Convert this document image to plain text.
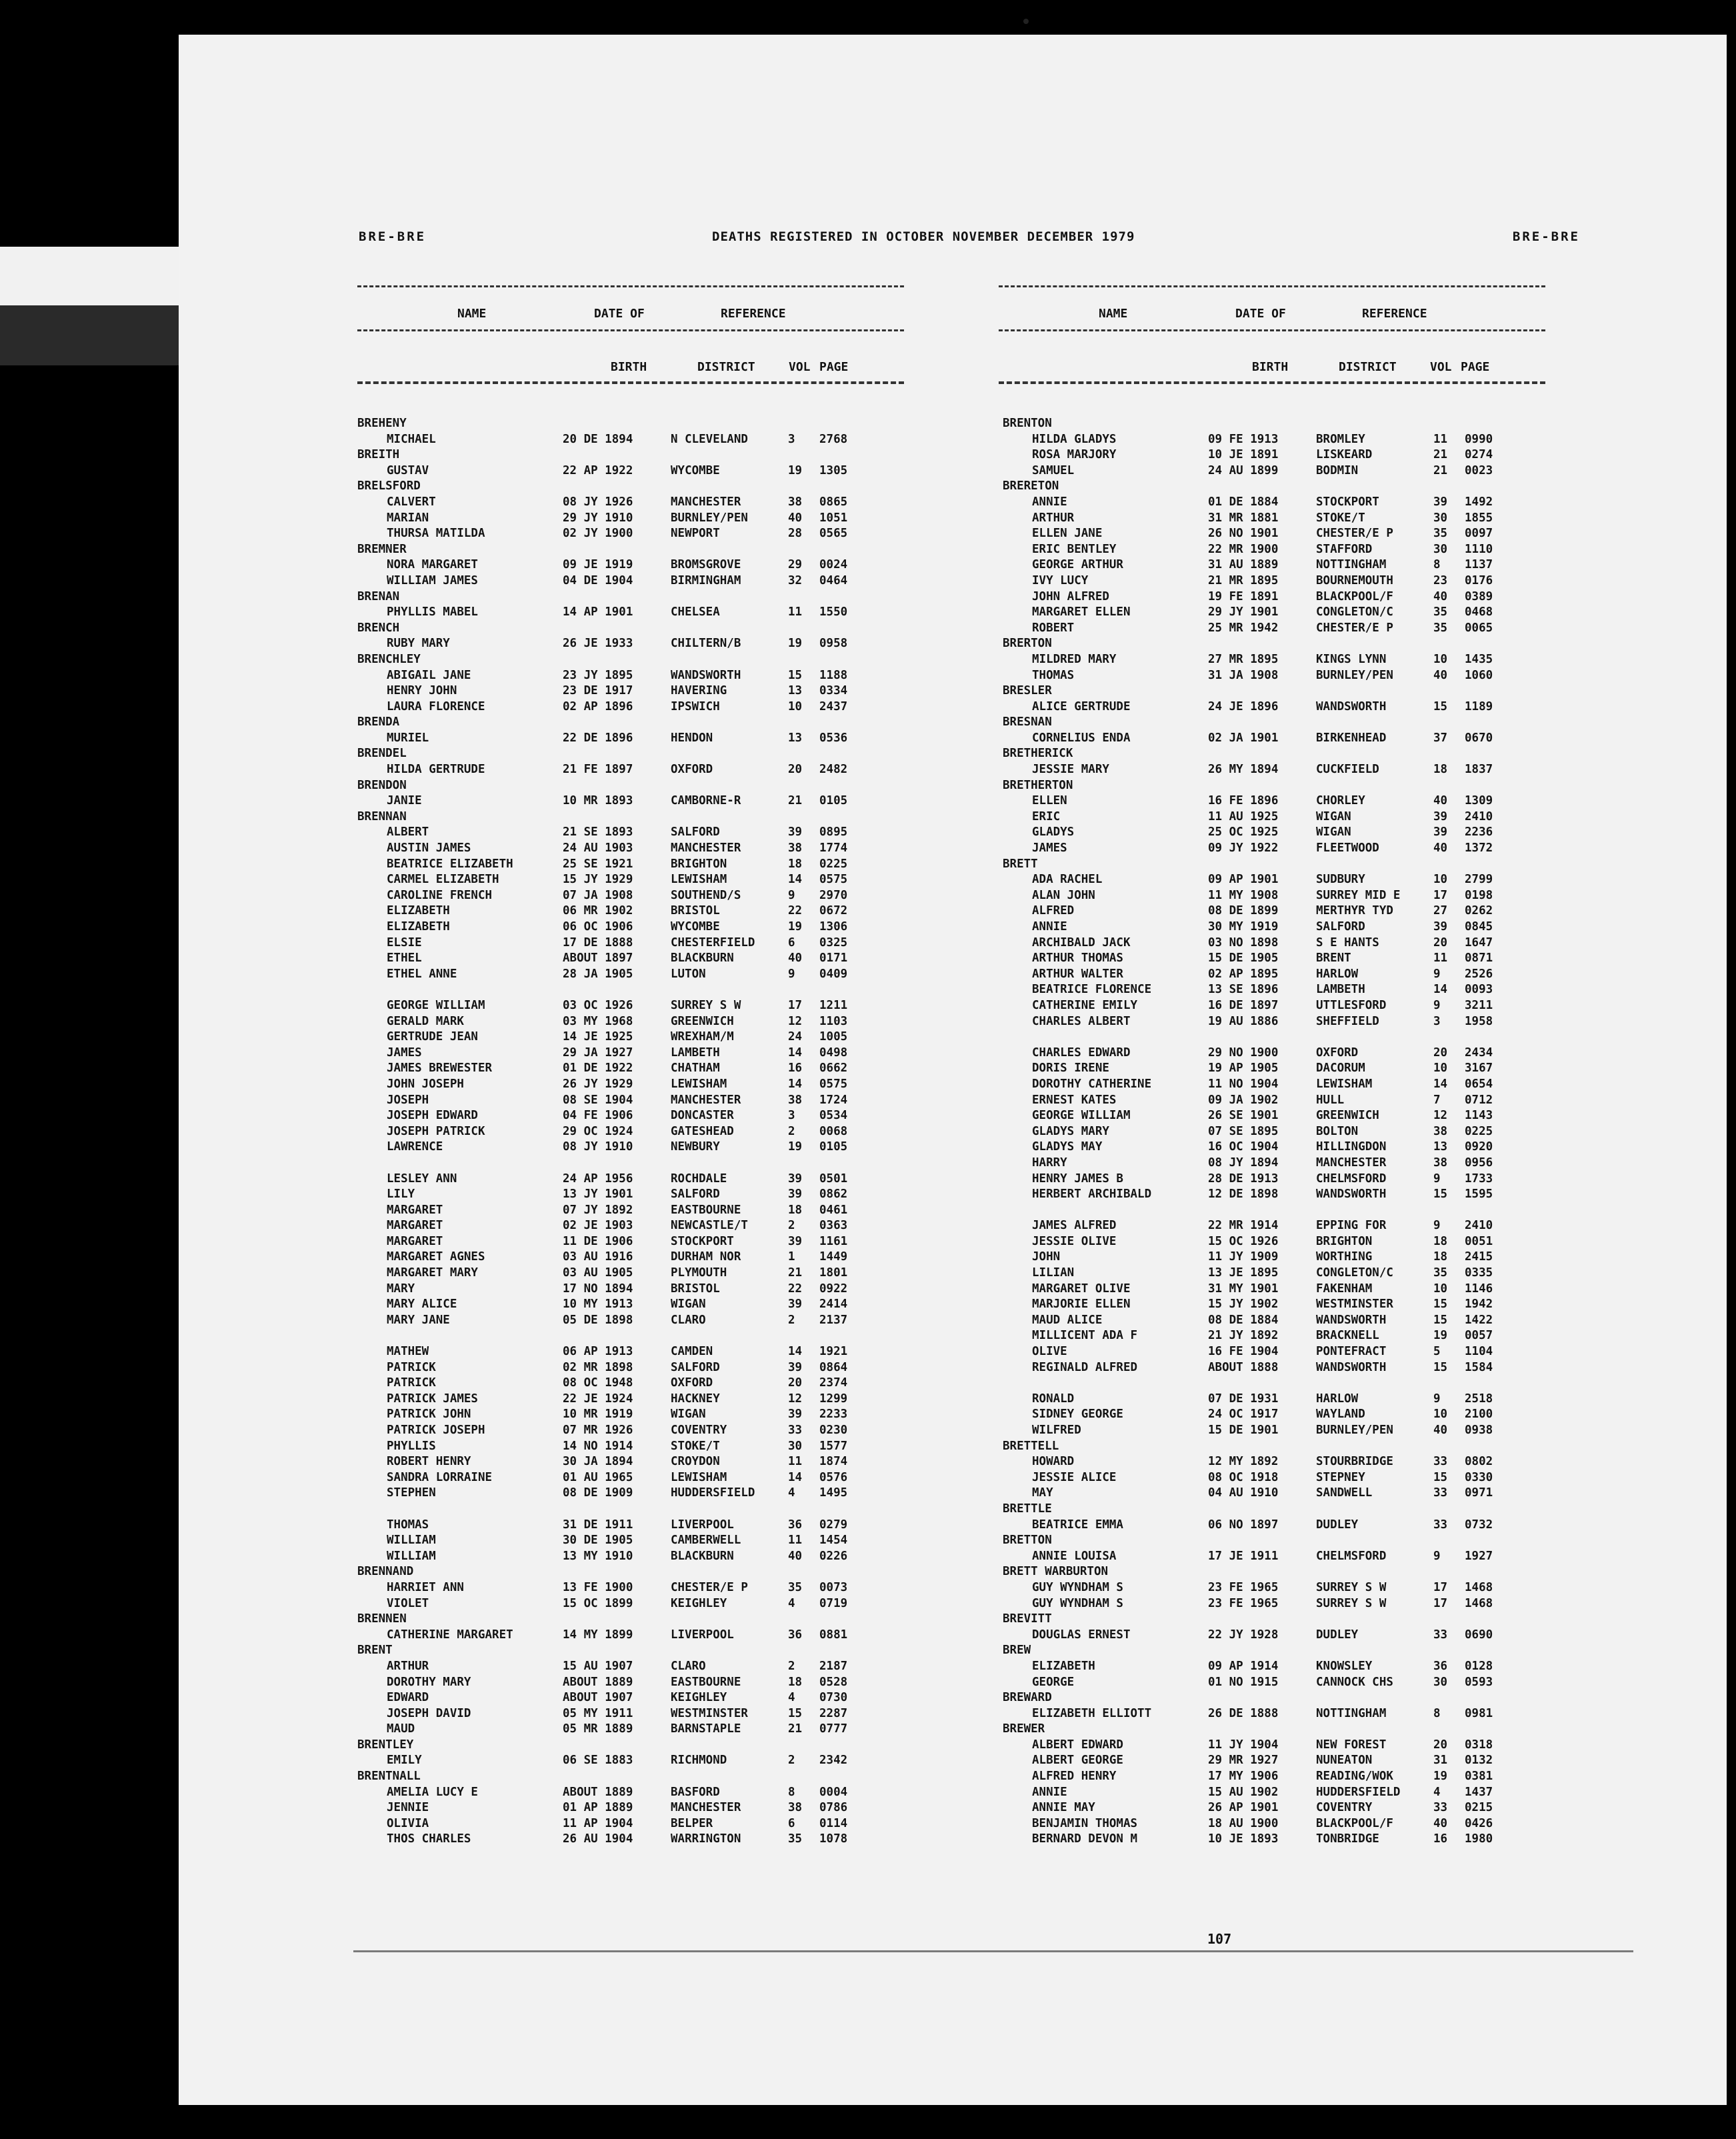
BRE-BRE	DEATHS REGISTERED IN OCTOBER NOVEMBER DECEMBER 1979	BRE-BRE
NAME	DATE OF	REFERENCE
BIRTH	DISTRICT	VOL PAGE
NAME	DATE OF	REFERENCE
BIRTH	DISTRICT	VOL PAGE
BREHENY
MICHAEL	20 DE 1894	N CLEVELAND	3 2768
BREITH
GUSTAV	22 AP 1922	WYCOMBE	19 1305
BRELSFORD
CALVERT	08 JY 1926	MANCHESTER	38 0865
MARIAN	29 JY 1910	BURNLEY/PEN	40 1051
THURSA MATILDA	02 JY 1900	NEWPORT	28 0565
BREMNER
NORA MARGARET	09 JE 1919	BROMSGROVE	29 0024
WILLIAM JAMES	04 DE 1904	BIRMINGHAM	32 0464
BRENAN
PHYLLIS MABEL	14 AP 1901	CHELSEA	11 1550
BRENCH
RUBY MARY	26 JE 1933	CHILTERN/B	19 0958
BRENCHLEY
ABIGAIL JANE	23 JY 1895	WANDSWORTH	15 1188
HENRY JOHN	23 DE 1917	HAVERING	13 0334
LAURA FLORENCE	02 AP 1896	IPSWICH	10 2437
BRENDA
MURIEL	22 DE 1896	HENDON	13 0536
BRENDEL
HILDA GERTRUDE	21 FE 1897	OXFORD	20 2482
BRENDON
JANIE	10 MR 1893	CAMBORNE-R	21 0105
BRENNAN
ALBERT	21 SE 1893	SALFORD	39 0895
AUSTIN JAMES	24 AU 1903	MANCHESTER	38 1774
BEATRICE ELIZABETH	25 SE 1921	BRIGHTON	18 0225
CARMEL ELIZABETH	15 JY 1929	LEWISHAM	14 0575
CAROLINE FRENCH	07 JA 1908	SOUTHEND/S	9 2970
ELIZABETH	06 MR 1902	BRISTOL	22 0672
ELIZABETH	06 OC 1906	WYCOMBE	19 1306
ELSIE	17 DE 1888	CHESTERFIELD	6 0325
ETHEL	ABOUT 1897	BLACKBURN	40 0171
ETHEL ANNE	28 JA 1905	LUTON	9 0409
GEORGE WILLIAM	03 OC 1926	SURREY S W	17 1211
GERALD MARK	03 MY 1968	GREENWICH	12 1103
GERTRUDE JEAN	14 JE 1925	WREXHAM/M	24 1005
JAMES	29 JA 1927	LAMBETH	14 0498
JAMES BREWESTER	01 DE 1922	CHATHAM	16 0662
JOHN JOSEPH	26 JY 1929	LEWISHAM	14 0575
JOSEPH	08 SE 1904	MANCHESTER	38 1724
JOSEPH EDWARD	04 FE 1906	DONCASTER	3 0534
JOSEPH PATRICK	29 OC 1924	GATESHEAD	2 0068
LAWRENCE	08 JY 1910	NEWBURY	19 0105
LESLEY ANN	24 AP 1956	ROCHDALE	39 0501
LILY	13 JY 1901	SALFORD	39 0862
MARGARET	07 JY 1892	EASTBOURNE	18 0461
MARGARET	02 JE 1903	NEWCASTLE/T	2 0363
MARGARET	11 DE 1906	STOCKPORT	39 1161
MARGARET AGNES	03 AU 1916	DURHAM NOR	1 1449
MARGARET MARY	03 AU 1905	PLYMOUTH	21 1801
MARY	17 NO 1894	BRISTOL	22 0922
MARY ALICE	10 MY 1913	WIGAN	39 2414
MARY JANE	05 DE 1898	CLARO	2 2137
MATHEW	06 AP 1913	CAMDEN	14 1921
PATRICK	02 MR 1898	SALFORD	39 0864
PATRICK	08 OC 1948	OXFORD	20 2374
PATRICK JAMES	22 JE 1924	HACKNEY	12 1299
PATRICK JOHN	10 MR 1919	WIGAN	39 2233
PATRICK JOSEPH	07 MR 1926	COVENTRY	33 0230
PHYLLIS	14 NO 1914	STOKE/T	30 1577
ROBERT HENRY	30 JA 1894	CROYDON	11 1874
SANDRA LORRAINE	01 AU 1965	LEWISHAM	14 0576
STEPHEN	08 DE 1909	HUDDERSFIELD	4 1495
THOMAS	31 DE 1911	LIVERPOOL	36 0279
WILLIAM	30 DE 1905	CAMBERWELL	11 1454
WILLIAM	13 MY 1910	BLACKBURN	40 0226
BRENNAND
HARRIET ANN	13 FE 1900	CHESTER/E P	35 0073
VIOLET	15 OC 1899	KEIGHLEY	4 0719
BRENNEN
CATHERINE MARGARET	14 MY 1899	LIVERPOOL	36 0881
BRENT
ARTHUR	15 AU 1907	CLARO	2 2187
DOROTHY MARY	ABOUT 1889	EASTBOURNE	18 0528
EDWARD	ABOUT 1907	KEIGHLEY	4 0730
JOSEPH DAVID	05 MY 1911	WESTMINSTER	15 2287
MAUD	05 MR 1889	BARNSTAPLE	21 0777
BRENTLEY
EMILY	06 SE 1883	RICHMOND	2 2342
BRENTNALL
AMELIA LUCY E	ABOUT 1889	BASFORD	8 0004
JENNIE	01 AP 1889	MANCHESTER	38 0786
OLIVIA	11 AP 1904	BELPER	6 0114
THOS CHARLES	26 AU 1904	WARRINGTON	35 1078
BRENTON
HILDA GLADYS	09 FE 1913	BROMLEY	11 0990
ROSA MARJORY	10 JE 1891	LISKEARD	21 0274
SAMUEL	24 AU 1899	BODMIN	21 0023
BRERETON
ANNIE	01 DE 1884	STOCKPORT	39 1492
ARTHUR	31 MR 1881	STOKE/T	30 1855
ELLEN JANE	26 NO 1901	CHESTER/E P	35 0097
ERIC BENTLEY	22 MR 1900	STAFFORD	30 1110
GEORGE ARTHUR	31 AU 1889	NOTTINGHAM	8 1137
IVY LUCY	21 MR 1895	BOURNEMOUTH	23 0176
JOHN ALFRED	19 FE 1891	BLACKPOOL/F	40 0389
MARGARET ELLEN	29 JY 1901	CONGLETON/C	35 0468
ROBERT	25 MR 1942	CHESTER/E P	35 0065
BRERTON
MILDRED MARY	27 MR 1895	KINGS LYNN	10 1435
THOMAS	31 JA 1908	BURNLEY/PEN	40 1060
BRESLER
ALICE GERTRUDE	24 JE 1896	WANDSWORTH	15 1189
BRESNAN
CORNELIUS ENDA	02 JA 1901	BIRKENHEAD	37 0670
BRETHERICK
JESSIE MARY	26 MY 1894	CUCKFIELD	18 1837
BRETHERTON
ELLEN	16 FE 1896	CHORLEY	40 1309
ERIC	11 AU 1925	WIGAN	39 2410
GLADYS	25 OC 1925	WIGAN	39 2236
JAMES	09 JY 1922	FLEETWOOD	40 1372
BRETT
ADA RACHEL	09 AP 1901	SUDBURY	10 2799
ALAN JOHN	11 MY 1908	SURREY MID E	17 0198
ALFRED	08 DE 1899	MERTHYR TYD	27 0262
ANNIE	30 MY 1919	SALFORD	39 0845
ARCHIBALD JACK	03 NO 1898	S E HANTS	20 1647
ARTHUR THOMAS	15 DE 1905	BRENT	11 0871
ARTHUR WALTER	02 AP 1895	HARLOW	9 2526
BEATRICE FLORENCE	13 SE 1896	LAMBETH	14 0093
CATHERINE EMILY	16 DE 1897	UTTLESFORD	9 3211
CHARLES ALBERT	19 AU 1886	SHEFFIELD	3 1958
CHARLES EDWARD	29 NO 1900	OXFORD	20 2434
DORIS IRENE	19 AP 1905	DACORUM	10 3167
DOROTHY CATHERINE	11 NO 1904	LEWISHAM	14 0654
ERNEST KATES	09 JA 1902	HULL	7 0712
GEORGE WILLIAM	26 SE 1901	GREENWICH	12 1143
GLADYS MARY	07 SE 1895	BOLTON	38 0225
GLADYS MAY	16 OC 1904	HILLINGDON	13 0920
HARRY	08 JY 1894	MANCHESTER	38 0956
HENRY JAMES B	28 DE 1913	CHELMSFORD	9 1733
HERBERT ARCHIBALD	12 DE 1898	WANDSWORTH	15 1595
JAMES ALFRED	22 MR 1914	EPPING FOR	9 2410
JESSIE OLIVE	15 OC 1926	BRIGHTON	18 0051
JOHN	11 JY 1909	WORTHING	18 2415
LILIAN	13 JE 1895	CONGLETON/C	35 0335
MARGARET OLIVE	31 MY 1901	FAKENHAM	10 1146
MARJORIE ELLEN	15 JY 1902	WESTMINSTER	15 1942
MAUD ALICE	08 DE 1884	WANDSWORTH	15 1422
MILLICENT ADA F	21 JY 1892	BRACKNELL	19 0057
OLIVE	16 FE 1904	PONTEFRACT	5 1104
REGINALD ALFRED	ABOUT 1888	WANDSWORTH	15 1584
RONALD	07 DE 1931	HARLOW	9 2518
SIDNEY GEORGE	24 OC 1917	WAYLAND	10 2100
WILFRED	15 DE 1901	BURNLEY/PEN	40 0938
BRETTELL
HOWARD	12 MY 1892	STOURBRIDGE	33 0802
JESSIE ALICE	08 OC 1918	STEPNEY	15 0330
MAY	04 AU 1910	SANDWELL	33 0971
BRETTLE
BEATRICE EMMA	06 NO 1897	DUDLEY	33 0732
BRETTON
ANNIE LOUISA	17 JE 1911	CHELMSFORD	9 1927
BRETT WARBURTON
GUY WYNDHAM S	23 FE 1965	SURREY S W	17 1468
GUY WYNDHAM S	23 FE 1965	SURREY S W	17 1468
BREVITT
DOUGLAS ERNEST	22 JY 1928	DUDLEY	33 0690
BREW
ELIZABETH	09 AP 1914	KNOWSLEY	36 0128
GEORGE	01 NO 1915	CANNOCK CHS	30 0593
BREWARD
ELIZABETH ELLIOTT	26 DE 1888	NOTTINGHAM	8 0981
BREWER
ALBERT EDWARD	11 JY 1904	NEW FOREST	20 0318
ALBERT GEORGE	29 MR 1927	NUNEATON	31 0132
ALFRED HENRY	17 MY 1906	READING/WOK	19 0381
ANNIE	15 AU 1902	HUDDERSFIELD	4 1437
ANNIE MAY	26 AP 1901	COVENTRY	33 0215
BENJAMIN THOMAS	18 AU 1900	BLACKPOOL/F	40 0426
BERNARD DEVON M	10 JE 1893	TONBRIDGE	16 1980
107
